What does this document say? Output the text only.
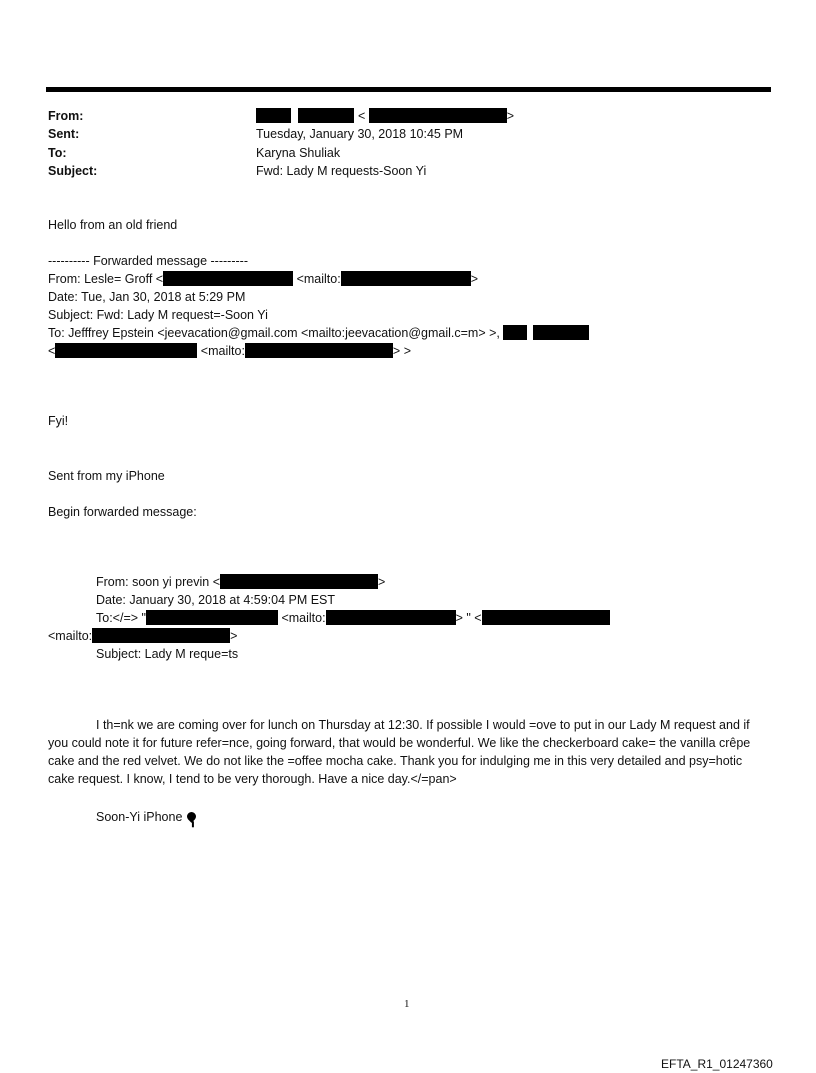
From:	<	>
Sent:	Tuesday, January 30, 2018 10:45 PM
To:	Karyna Shuliak
Subject:	Fwd: Lady M requests-Soon Yi
Hello from an old friend
---------- Forwarded message ---------
From: Lesle= Groff <	<mailto:	>
Date: Tue, Jan 30, 2018 at 5:29 PM
Subject: Fwd: Lady M request=-Soon Yi
To: Jefffrey Epstein <jeevacation@gmail.com <mailto:jeevacation@gmail.c=m> >,
<	<mailto:	> >
Fyi!
Sent from my iPhone
Begin forwarded message:
From: soon yi previn <	>
Date: January 30, 2018 at 4:59:04 PM EST
To:</=> "	<mailto:	> " <
<mailto:	>
Subject: Lady M reque=ts
I th=nk we are coming over for lunch on Thursday at 12:30. If possible I would =ove to put in our Lady M request and if you could note it for future refer=nce, going forward, that would be wonderful. We like the checkerboard cake= the vanilla crêpe cake and the red velvet. We do not like the =offee mocha cake. Thank you for indulging me in this very detailed and psy=hotic cake request. I know, I tend to be very thorough. Have a nice day.</=pan>
Soon-Yi iPhone
1
EFTA_R1_01247360
